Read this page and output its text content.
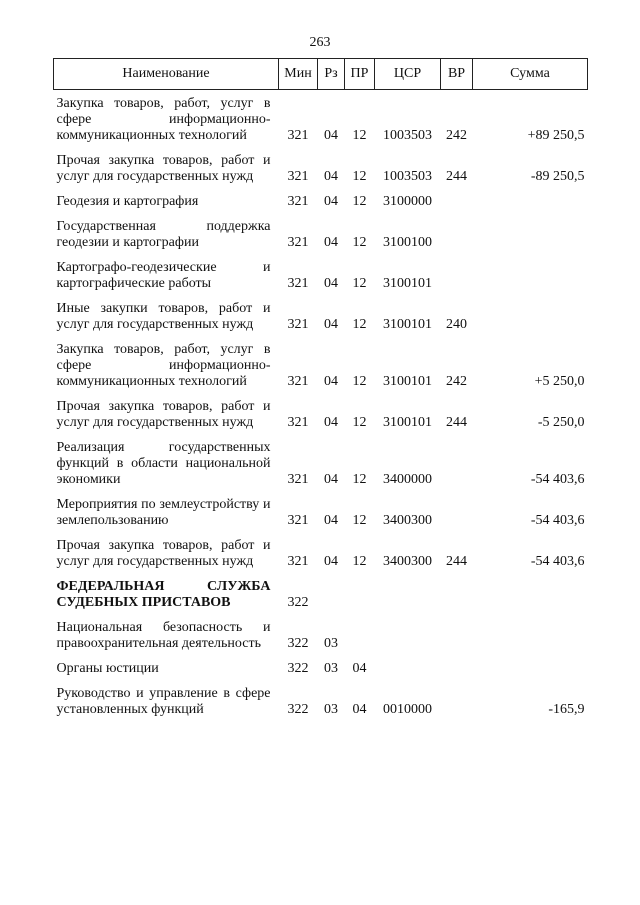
263
Наименование	Мин	Рз	ПР	ЦСР	ВР	Сумма
Закупка товаров, работ, услуг в сфере информационно-коммуникационных технологий	321	04	12	1003503	242	+89 250,5
Прочая закупка товаров, работ и услуг для государственных нужд	321	04	12	1003503	244	-89 250,5
Геодезия и картография	321	04	12	3100000		
Государственная поддержка геодезии и картографии	321	04	12	3100100		
Картографо-геодезические и картографические работы	321	04	12	3100101		
Иные закупки товаров, работ и услуг для государственных нужд	321	04	12	3100101	240	
Закупка товаров, работ, услуг в сфере информационно-коммуникационных технологий	321	04	12	3100101	242	+5 250,0
Прочая закупка товаров, работ и услуг для государственных нужд	321	04	12	3100101	244	-5 250,0
Реализация государственных функций в области национальной экономики	321	04	12	3400000		-54 403,6
Мероприятия по землеустройству и землепользованию	321	04	12	3400300		-54 403,6
Прочая закупка товаров, работ и услуг для государственных нужд	321	04	12	3400300	244	-54 403,6
ФЕДЕРАЛЬНАЯ СЛУЖБА СУДЕБНЫХ ПРИСТАВОВ	322					
Национальная безопасность и правоохранительная деятельность	322	03				
Органы юстиции	322	03	04			
Руководство и управление в сфере установленных функций	322	03	04	0010000		-165,9
